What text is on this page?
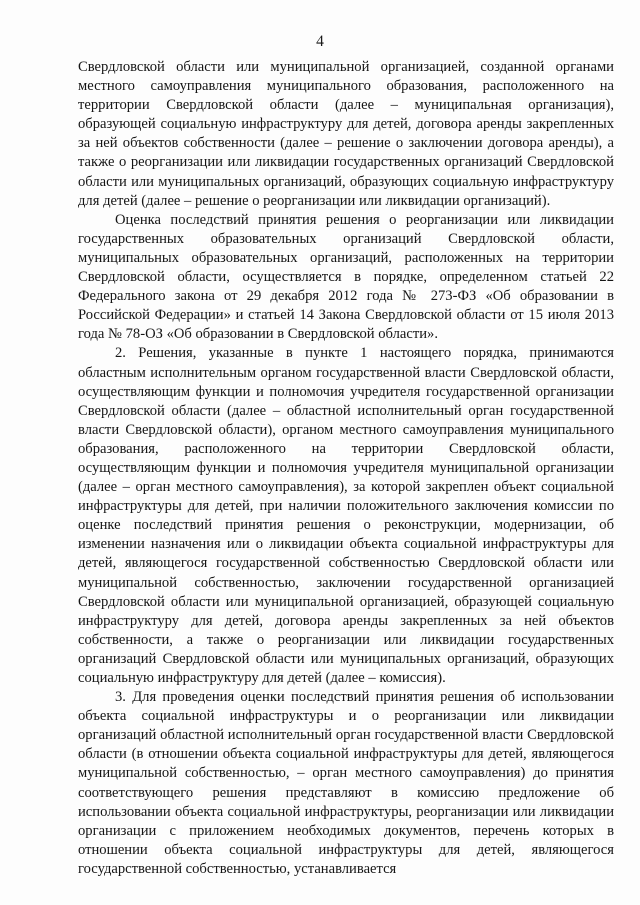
4

Свердловской области или муниципальной организацией, созданной органами местного самоуправления муниципального образования, расположенного на территории Свердловской области (далее – муниципальная организация), образующей социальную инфраструктуру для детей, договора аренды закрепленных за ней объектов собственности (далее – решение о заключении договора аренды), а также о реорганизации или ликвидации государственных организаций Свердловской области или муниципальных организаций, образующих социальную инфраструктуру для детей (далее – решение о реорганизации или ликвидации организаций).

Оценка последствий принятия решения о реорганизации или ликвидации государственных образовательных организаций Свердловской области, муниципальных образовательных организаций, расположенных на территории Свердловской области, осуществляется в порядке, определенном статьей 22 Федерального закона от 29 декабря 2012 года № 273-ФЗ «Об образовании в Российской Федерации» и статьей 14 Закона Свердловской области от 15 июля 2013 года № 78-ОЗ «Об образовании в Свердловской области».

2. Решения, указанные в пункте 1 настоящего порядка, принимаются областным исполнительным органом государственной власти Свердловской области, осуществляющим функции и полномочия учредителя государственной организации Свердловской области (далее – областной исполнительный орган государственной власти Свердловской области), органом местного самоуправления муниципального образования, расположенного на территории Свердловской области, осуществляющим функции и полномочия учредителя муниципальной организации (далее – орган местного самоуправления), за которой закреплен объект социальной инфраструктуры для детей, при наличии положительного заключения комиссии по оценке последствий принятия решения о реконструкции, модернизации, об изменении назначения или о ликвидации объекта социальной инфраструктуры для детей, являющегося государственной собственностью Свердловской области или муниципальной собственностью, заключении государственной организацией Свердловской области или муниципальной организацией, образующей социальную инфраструктуру для детей, договора аренды закрепленных за ней объектов собственности, а также о реорганизации или ликвидации государственных организаций Свердловской области или муниципальных организаций, образующих социальную инфраструктуру для детей (далее – комиссия).

3. Для проведения оценки последствий принятия решения об использовании объекта социальной инфраструктуры и о реорганизации или ликвидации организаций областной исполнительный орган государственной власти Свердловской области (в отношении объекта социальной инфраструктуры для детей, являющегося муниципальной собственностью, – орган местного самоуправления) до принятия соответствующего решения представляют в комиссию предложение об использовании объекта социальной инфраструктуры, реорганизации или ликвидации организации с приложением необходимых документов, перечень которых в отношении объекта социальной инфраструктуры для детей, являющегося государственной собственностью, устанавливается
